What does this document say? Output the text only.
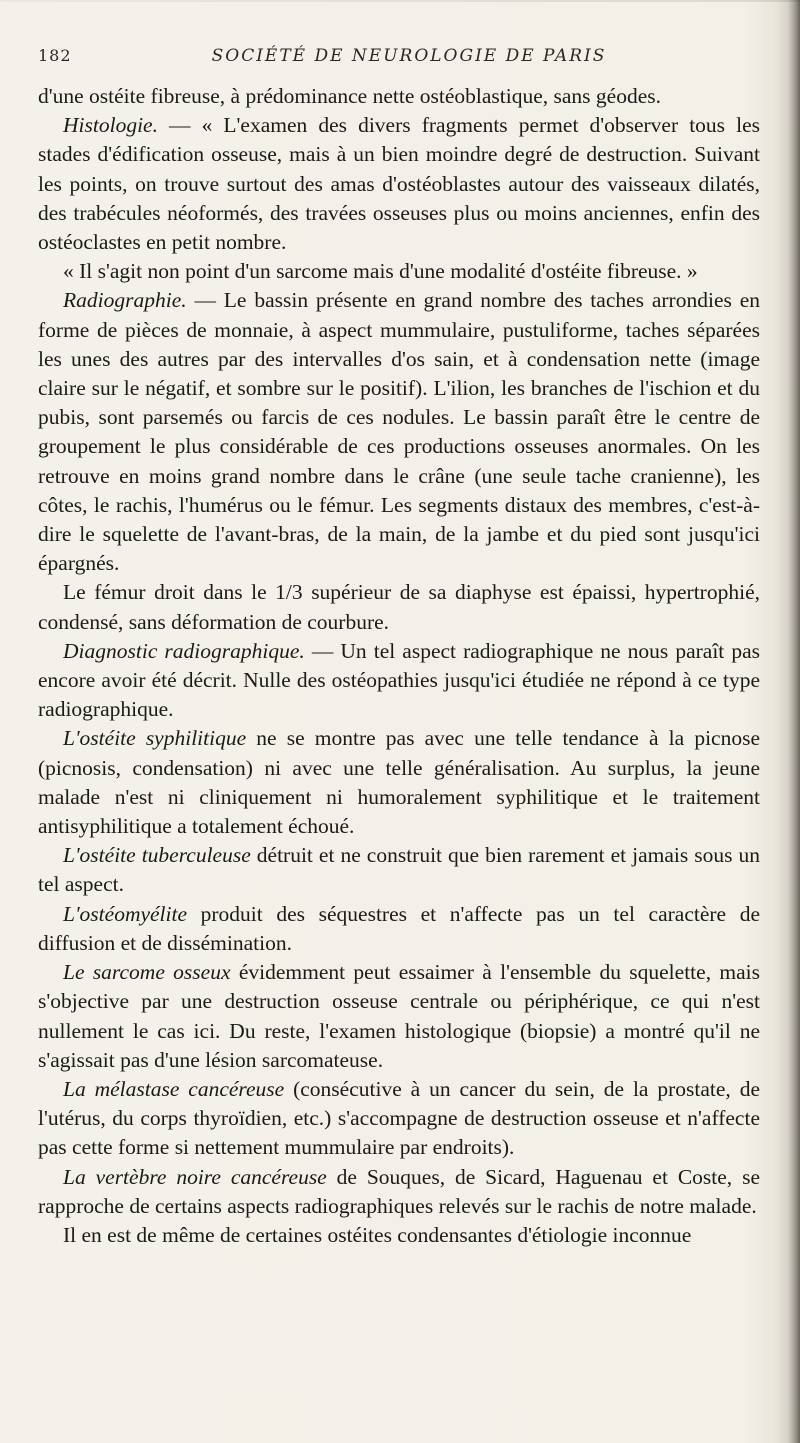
182	SOCIÉTÉ DE NEUROLOGIE DE PARIS

d'une ostéite fibreuse, à prédominance nette ostéoblastique, sans géodes.

Histologie. — « L'examen des divers fragments permet d'observer tous les stades d'édification osseuse, mais à un bien moindre degré de destruction. Suivant les points, on trouve surtout des amas d'ostéoblastes autour des vaisseaux dilatés, des trabécules néoformés, des travées osseuses plus ou moins anciennes, enfin des ostéoclastes en petit nombre.

« Il s'agit non point d'un sarcome mais d'une modalité d'ostéite fibreuse. »

Radiographie. — Le bassin présente en grand nombre des taches arrondies en forme de pièces de monnaie, à aspect mummulaire, pustuliforme, taches séparées les unes des autres par des intervalles d'os sain, et à condensation nette (image claire sur le négatif, et sombre sur le positif). L'ilion, les branches de l'ischion et du pubis, sont parsemés ou farcis de ces nodules. Le bassin paraît être le centre de groupement le plus considérable de ces productions osseuses anormales. On les retrouve en moins grand nombre dans le crâne (une seule tache cranienne), les côtes, le rachis, l'humérus ou le fémur. Les segments distaux des membres, c'est-à-dire le squelette de l'avant-bras, de la main, de la jambe et du pied sont jusqu'ici épargnés.

Le fémur droit dans le 1/3 supérieur de sa diaphyse est épaissi, hypertrophié, condensé, sans déformation de courbure.

Diagnostic radiographique. — Un tel aspect radiographique ne nous paraît pas encore avoir été décrit. Nulle des ostéopathies jusqu'ici étudiée ne répond à ce type radiographique.

L'ostéite syphilitique ne se montre pas avec une telle tendance à la picnose (picnosis, condensation) ni avec une telle généralisation. Au surplus, la jeune malade n'est ni cliniquement ni humoralement syphilitique et le traitement antisyphilitique a totalement échoué.

L'ostéite tuberculeuse détruit et ne construit que bien rarement et jamais sous un tel aspect.

L'ostéomyélite produit des séquestres et n'affecte pas un tel caractère de diffusion et de dissémination.

Le sarcome osseux évidemment peut essaimer à l'ensemble du squelette, mais s'objective par une destruction osseuse centrale ou périphérique, ce qui n'est nullement le cas ici. Du reste, l'examen histologique (biopsie) a montré qu'il ne s'agissait pas d'une lésion sarcomateuse.

La mélastase cancéreuse (consécutive à un cancer du sein, de la prostate, de l'utérus, du corps thyroïdien, etc.) s'accompagne de destruction osseuse et n'affecte pas cette forme si nettement mummulaire par endroits).

La vertèbre noire cancéreuse de Souques, de Sicard, Haguenau et Coste, se rapproche de certains aspects radiographiques relevés sur le rachis de notre malade.

Il en est de même de certaines ostéites condensantes d'étiologie inconnue
